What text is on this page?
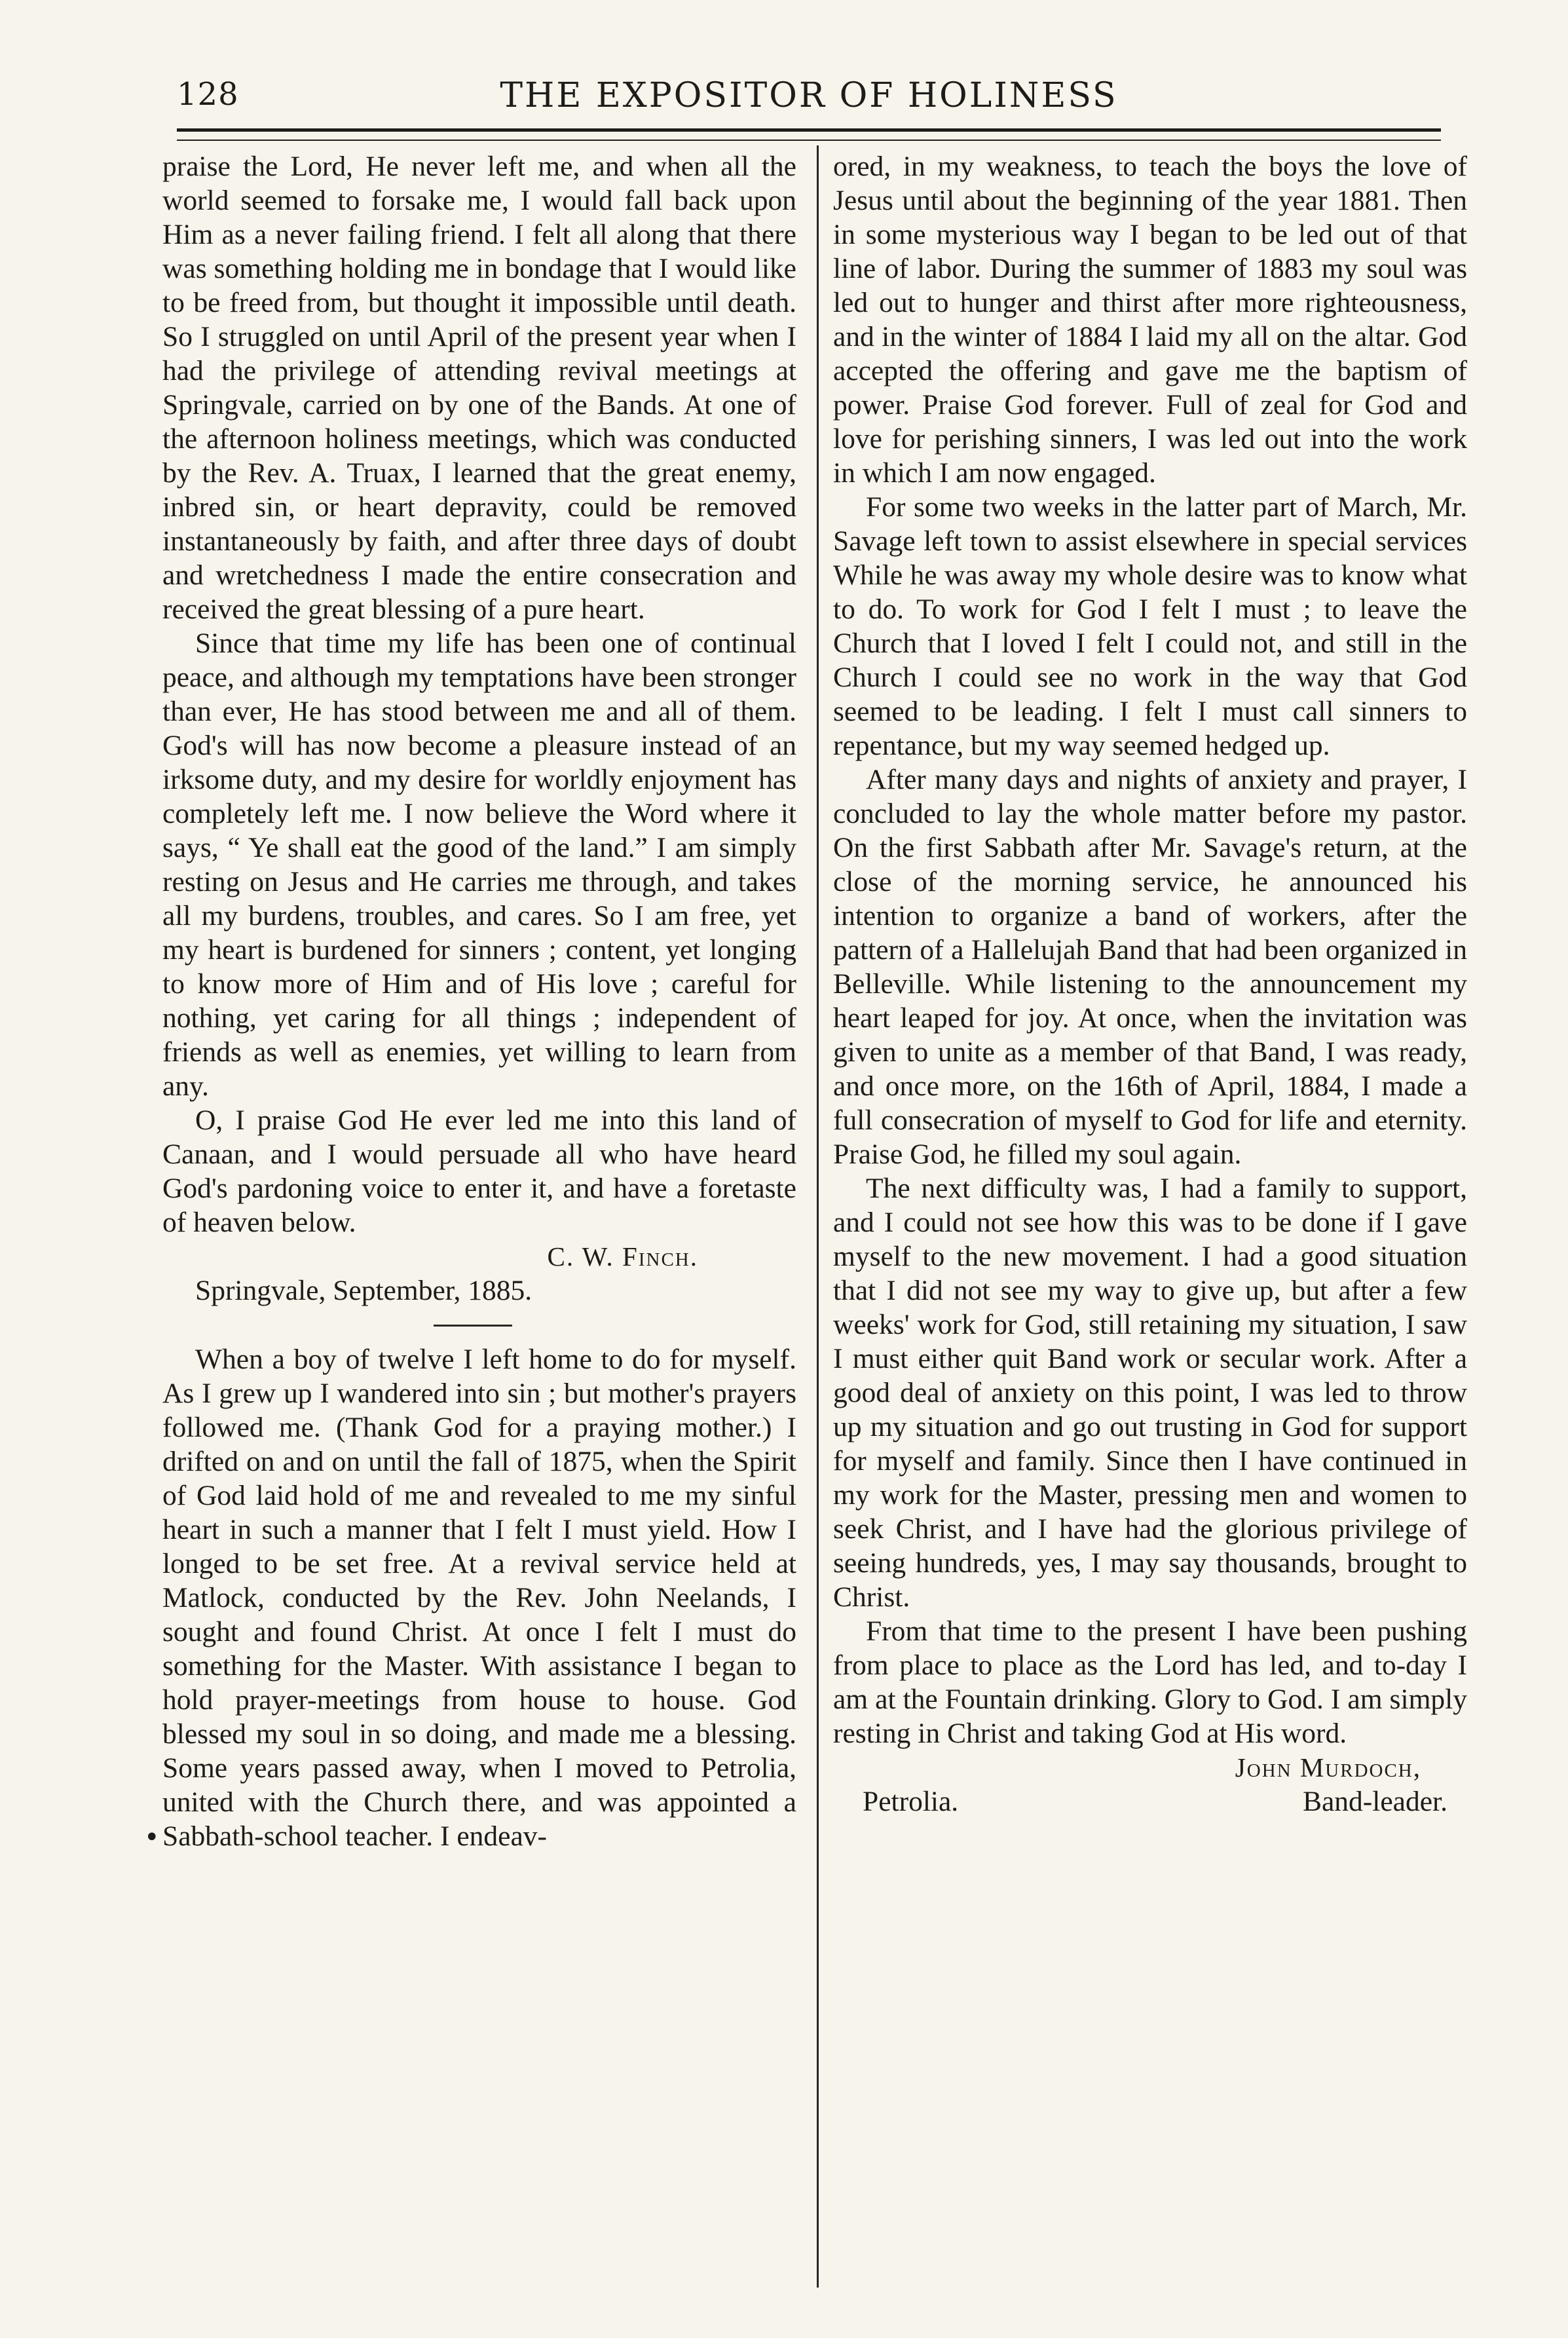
128	THE EXPOSITOR OF HOLINESS

praise the Lord, He never left me, and when all the world seemed to forsake me, I would fall back upon Him as a never failing friend. I felt all along that there was something holding me in bondage that I would like to be freed from, but thought it impossible until death. So I struggled on until April of the present year when I had the privilege of attending revival meetings at Springvale, carried on by one of the Bands. At one of the afternoon holiness meetings, which was conducted by the Rev. A. Truax, I learned that the great enemy, inbred sin, or heart depravity, could be removed instantaneously by faith, and after three days of doubt and wretchedness I made the entire consecration and received the great blessing of a pure heart.

Since that time my life has been one of continual peace, and although my temptations have been stronger than ever, He has stood between me and all of them. God's will has now become a pleasure instead of an irksome duty, and my desire for worldly enjoyment has completely left me. I now believe the Word where it says, “ Ye shall eat the good of the land.” I am simply resting on Jesus and He carries me through, and takes all my burdens, troubles, and cares. So I am free, yet my heart is burdened for sinners ; content, yet longing to know more of Him and of His love ; careful for nothing, yet caring for all things ; independent of friends as well as enemies, yet willing to learn from any.

O, I praise God He ever led me into this land of Canaan, and I would persuade all who have heard God's pardoning voice to enter it, and have a foretaste of heaven below.

C. W. Finch.
Springvale, September, 1885.

When a boy of twelve I left home to do for myself. As I grew up I wandered into sin ; but mother's prayers followed me. (Thank God for a praying mother.) I drifted on and on until the fall of 1875, when the Spirit of God laid hold of me and revealed to me my sinful heart in such a manner that I felt I must yield. How I longed to be set free. At a revival service held at Matlock, conducted by the Rev. John Neelands, I sought and found Christ. At once I felt I must do something for the Master. With assistance I began to hold prayer-meetings from house to house. God blessed my soul in so doing, and made me a blessing. Some years passed away, when I moved to Petrolia, united with the Church there, and was appointed a Sabbath-school teacher. I endeav-

ored, in my weakness, to teach the boys the love of Jesus until about the beginning of the year 1881. Then in some mysterious way I began to be led out of that line of labor. During the summer of 1883 my soul was led out to hunger and thirst after more righteousness, and in the winter of 1884 I laid my all on the altar. God accepted the offering and gave me the baptism of power. Praise God forever. Full of zeal for God and love for perishing sinners, I was led out into the work in which I am now engaged.

For some two weeks in the latter part of March, Mr. Savage left town to assist elsewhere in special services While he was away my whole desire was to know what to do. To work for God I felt I must ; to leave the Church that I loved I felt I could not, and still in the Church I could see no work in the way that God seemed to be leading. I felt I must call sinners to repentance, but my way seemed hedged up.

After many days and nights of anxiety and prayer, I concluded to lay the whole matter before my pastor. On the first Sabbath after Mr. Savage's return, at the close of the morning service, he announced his intention to organize a band of workers, after the pattern of a Hallelujah Band that had been organized in Belleville. While listening to the announcement my heart leaped for joy. At once, when the invitation was given to unite as a member of that Band, I was ready, and once more, on the 16th of April, 1884, I made a full consecration of myself to God for life and eternity. Praise God, he filled my soul again.

The next difficulty was, I had a family to support, and I could not see how this was to be done if I gave myself to the new movement. I had a good situation that I did not see my way to give up, but after a few weeks' work for God, still retaining my situation, I saw I must either quit Band work or secular work. After a good deal of anxiety on this point, I was led to throw up my situation and go out trusting in God for support for myself and family. Since then I have continued in my work for the Master, pressing men and women to seek Christ, and I have had the glorious privilege of seeing hundreds, yes, I may say thousands, brought to Christ.

From that time to the present I have been pushing from place to place as the Lord has led, and to-day I am at the Fountain drinking. Glory to God. I am simply resting in Christ and taking God at His word.

John Murdoch,
Petrolia.	Band-leader.
•
